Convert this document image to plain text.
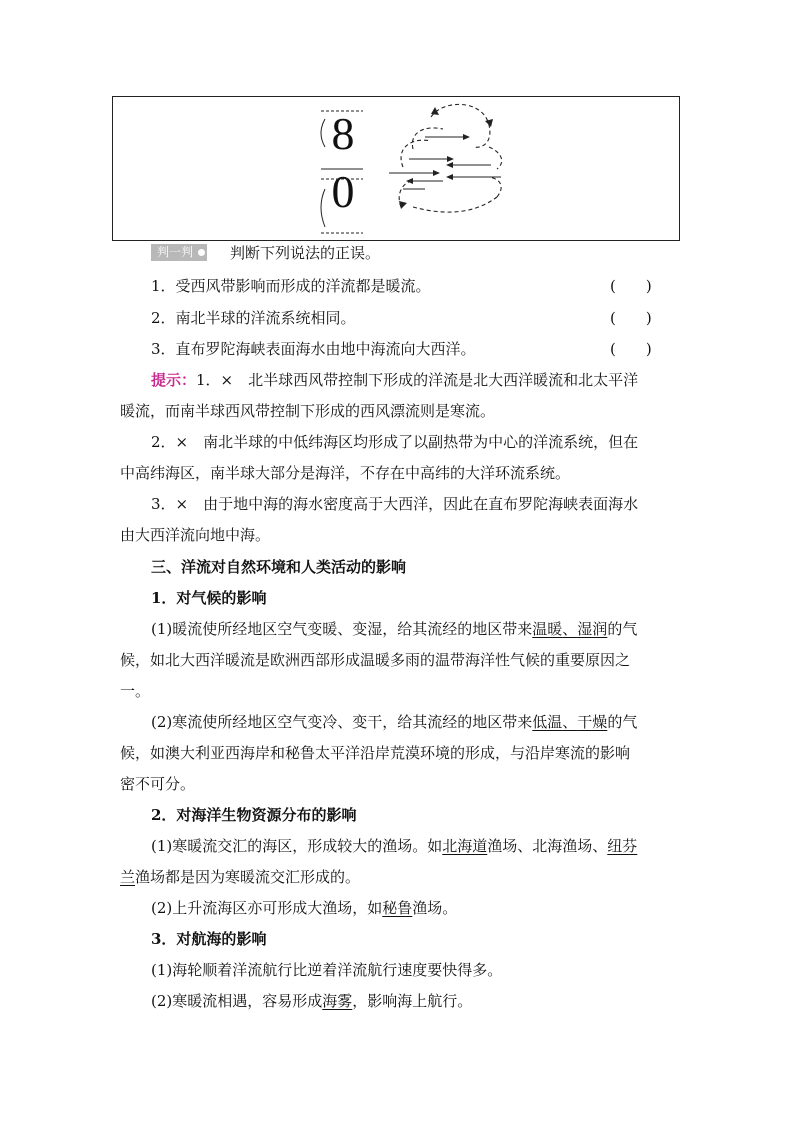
8
0
判一判	判断下列说法的正误。
1．受西风带影响而形成的洋流都是暖流。	(　　)
2．南北半球的洋流系统相同。	(　　)
3．直布罗陀海峡表面海水由地中海流向大西洋。	(　　)
提示：1．×　北半球西风带控制下形成的洋流是北大西洋暖流和北太平洋
暖流，而南半球西风带控制下形成的西风漂流则是寒流。
2．×　南北半球的中低纬海区均形成了以副热带为中心的洋流系统，但在
中高纬海区，南半球大部分是海洋，不存在中高纬的大洋环流系统。
3．×　由于地中海的海水密度高于大西洋，因此在直布罗陀海峡表面海水
由大西洋流向地中海。
三、洋流对自然环境和人类活动的影响
1．对气候的影响
(1)暖流使所经地区空气变暖、变湿，给其流经的地区带来温暖、湿润的气
候，如北大西洋暖流是欧洲西部形成温暖多雨的温带海洋性气候的重要原因之
一。
(2)寒流使所经地区空气变冷、变干，给其流经的地区带来低温、干燥的气
候，如澳大利亚西海岸和秘鲁太平洋沿岸荒漠环境的形成，与沿岸寒流的影响
密不可分。
2．对海洋生物资源分布的影响
(1)寒暖流交汇的海区，形成较大的渔场。如北海道渔场、北海渔场、纽芬
兰渔场都是因为寒暖流交汇形成的。
(2)上升流海区亦可形成大渔场，如秘鲁渔场。
3．对航海的影响
(1)海轮顺着洋流航行比逆着洋流航行速度要快得多。
(2)寒暖流相遇，容易形成海雾，影响海上航行。
